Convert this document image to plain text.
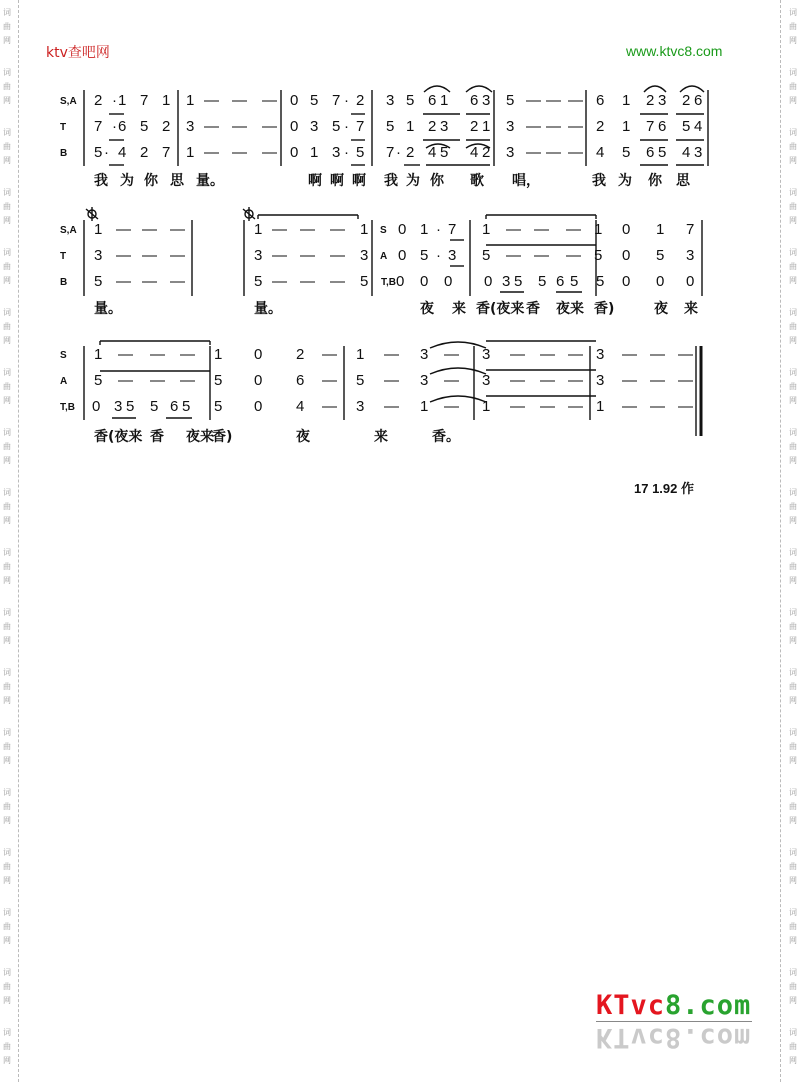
词
曲
网
词
曲
网
词
曲
网
词
曲
网
词
曲
网
词
曲
网
词
曲
网
词
曲
网
词
曲
网
词
曲
网
词
曲
网
词
曲
网
词
曲
网
词
曲
网
词
曲
网
词
曲
网
词
曲
网
词
曲
网
词
曲
网
词
曲
网
词
曲
网
词
曲
网
词
曲
网
词
曲
网
词
曲
网
词
曲
网
词
曲
网
词
曲
网
词
曲
网
词
曲
网
词
曲
网
词
曲
网
词
曲
网
词
曲
网
词
曲
网
词
曲
网
ktv查吧网	www.ktvc8.com
S,A 2 · 1 7 1 1 — — — 0 5 7 · 2 3 5 6 1 6 3 5 — — — 6 1 2 3 2 6
T 7 · 6 5 2 3 — — — 0 3 5 · 7 5 1 2 3 2 1 3 — — — 2 1 7 6 5 4
B 5 · 4 2 7 1 — — — 0 1 3 · 5 7 · 2 4 5 4 2 3 — — — 4 5 6 5 4 3
我 为 你 思 量。	啊 啊 啊 我 为 你 歌 唱，	我 为 你 思
S,A 1 — — —	1 — — — 1 S 0 1 · 7 1 — — — 1 0 1 7
T 3 — — —	3 — — — 3 A 0 5 · 3 5 — — — 5 0 5 3
B 5 — — —	5 — — — 5 T,B 0 0 0 0 3 5 5 6 5 5 0 0 0
量。	量。	夜 来 香(夜来 香 夜来 香)	夜 来
S 1 — — — 1 0 2 — 1 — 3 — 3 — — — 3 — — —
A 5 — — — 5 0 6 — 5 — 3 — 3 — — — 3 — — —
T,B 0 3 5 5 6 5 5 0 4 — 3 — 1 — 1 — — — 1 — — —
香(夜来 香 夜来
香)	夜	来	香。
17 1.92 作
KTvc8.com
KTvc8.com
